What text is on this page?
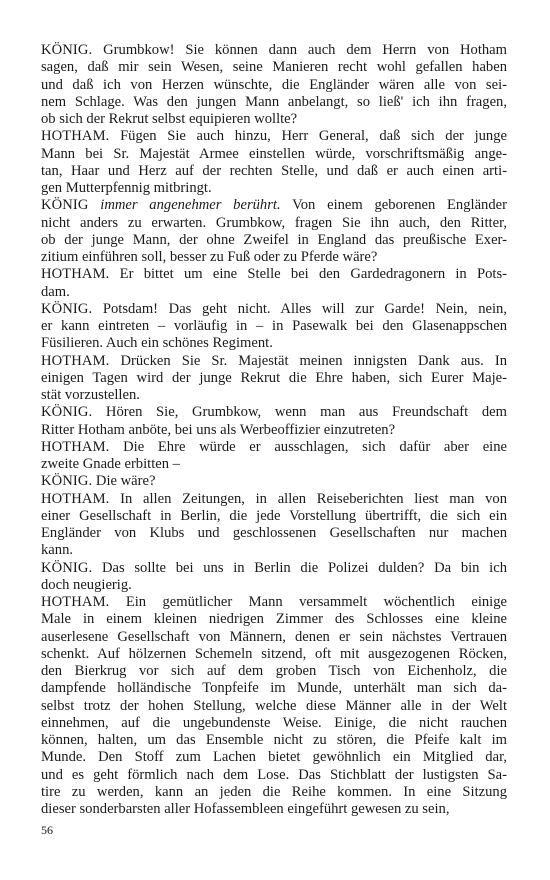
KÖNIG. Grumbkow! Sie können dann auch dem Herrn von Hotham
sagen, daß mir sein Wesen, seine Manieren recht wohl gefallen haben
und daß ich von Herzen wünschte, die Engländer wären alle von sei-
nem Schlage. Was den jungen Mann anbelangt, so ließ' ich ihn fragen,
ob sich der Rekrut selbst equipieren wollte?
HOTHAM. Fügen Sie auch hinzu, Herr General, daß sich der junge
Mann bei Sr. Majestät Armee einstellen würde, vorschriftsmäßig ange-
tan, Haar und Herz auf der rechten Stelle, und daß er auch einen arti-
gen Mutterpfennig mitbringt.
KÖNIG immer angenehmer berührt. Von einem geborenen Engländer
nicht anders zu erwarten. Grumbkow, fragen Sie ihn auch, den Ritter,
ob der junge Mann, der ohne Zweifel in England das preußische Exer-
zitium einführen soll, besser zu Fuß oder zu Pferde wäre?
HOTHAM. Er bittet um eine Stelle bei den Gardedragonern in Pots-
dam.
KÖNIG. Potsdam! Das geht nicht. Alles will zur Garde! Nein, nein,
er kann eintreten – vorläufig in – in Pasewalk bei den Glasenappschen
Füsilieren. Auch ein schönes Regiment.
HOTHAM. Drücken Sie Sr. Majestät meinen innigsten Dank aus. In
einigen Tagen wird der junge Rekrut die Ehre haben, sich Eurer Maje-
stät vorzustellen.
KÖNIG. Hören Sie, Grumbkow, wenn man aus Freundschaft dem
Ritter Hotham anböte, bei uns als Werbeoffizier einzutreten?
HOTHAM. Die Ehre würde er ausschlagen, sich dafür aber eine
zweite Gnade erbitten –
KÖNIG. Die wäre?
HOTHAM. In allen Zeitungen, in allen Reiseberichten liest man von
einer Gesellschaft in Berlin, die jede Vorstellung übertrifft, die sich ein
Engländer von Klubs und geschlossenen Gesellschaften nur machen
kann.
KÖNIG. Das sollte bei uns in Berlin die Polizei dulden? Da bin ich
doch neugierig.
HOTHAM. Ein gemütlicher Mann versammelt wöchentlich einige
Male in einem kleinen niedrigen Zimmer des Schlosses eine kleine
auserlesene Gesellschaft von Männern, denen er sein nächstes Vertrauen
schenkt. Auf hölzernen Schemeln sitzend, oft mit ausgezogenen Röcken,
den Bierkrug vor sich auf dem groben Tisch von Eichenholz, die
dampfende holländische Tonpfeife im Munde, unterhält man sich da-
selbst trotz der hohen Stellung, welche diese Männer alle in der Welt
einnehmen, auf die ungebundenste Weise. Einige, die nicht rauchen
können, halten, um das Ensemble nicht zu stören, die Pfeife kalt im
Munde. Den Stoff zum Lachen bietet gewöhnlich ein Mitglied dar,
und es geht förmlich nach dem Lose. Das Stichblatt der lustigsten Sa-
tire zu werden, kann an jeden die Reihe kommen. In eine Sitzung
dieser sonderbarsten aller Hofassembleen eingeführt gewesen zu sein,
56
